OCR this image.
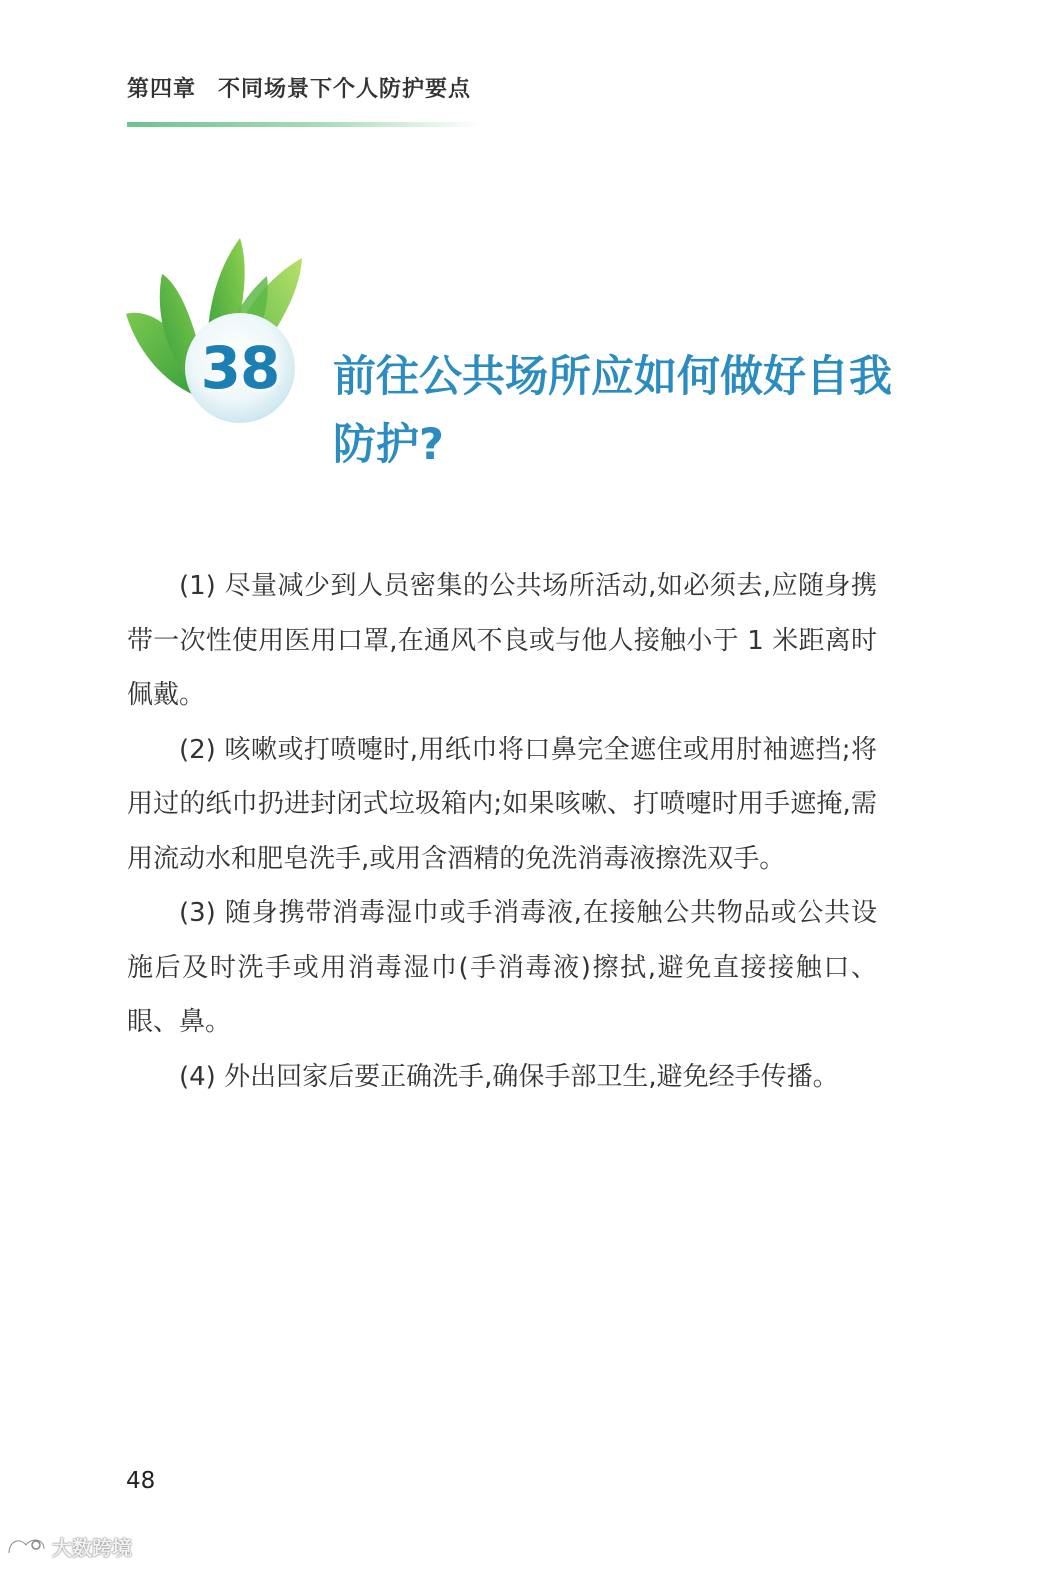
第四章 不同场景下个人防护要点
38 前往公共场所应如何做好自我防护?

(1) 尽量减少到人员密集的公共场所活动,如必须去,应随身携带一次性使用医用口罩,在通风不良或与他人接触小于 1 米距离时佩戴。

(2) 咳嗽或打喷嚏时,用纸巾将口鼻完全遮住或用肘袖遮挡;将用过的纸巾扔进封闭式垃圾箱内;如果咳嗽、打喷嚏时用手遮掩,需用流动水和肥皂洗手,或用含酒精的免洗消毒液擦洗双手。

(3) 随身携带消毒湿巾或手消毒液,在接触公共物品或公共设施后及时洗手或用消毒湿巾(手消毒液)擦拭,避免直接接触口、眼、鼻。

(4) 外出回家后要正确洗手,确保手部卫生,避免经手传播。

48
大数跨境
